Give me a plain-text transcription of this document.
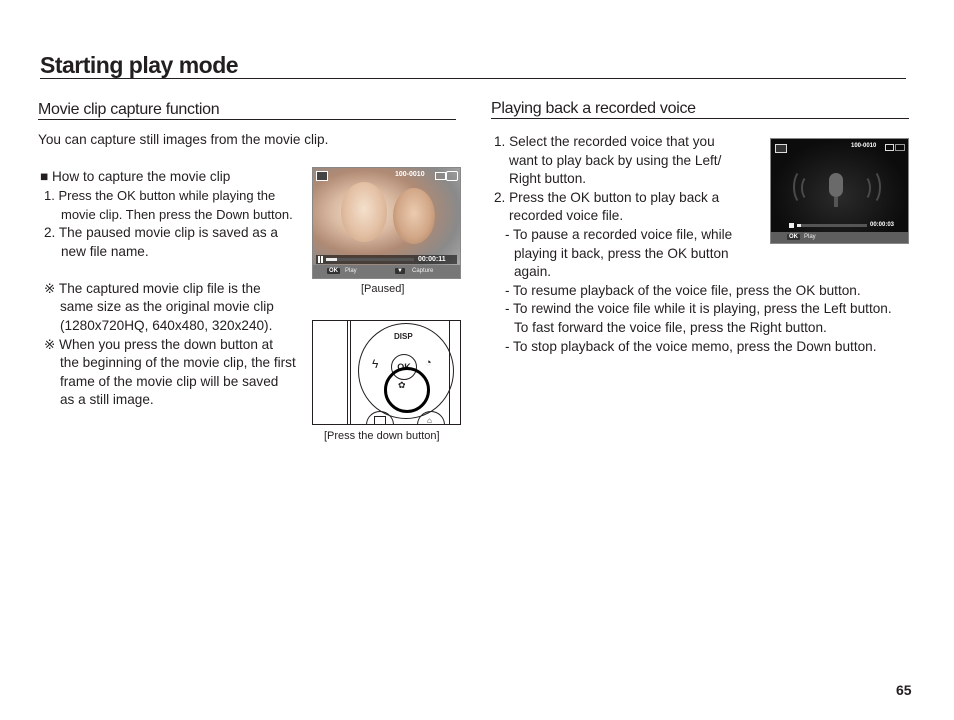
Starting play mode
Movie clip capture function
You can capture still images from the movie clip.
■ How to capture the movie clip
1. Press the OK button while playing the
movie clip. Then press the Down button.
2. The paused movie clip is saved as a
new file name.
※ The captured movie clip file is the
same size as the original movie clip
(1280x720HQ, 640x480, 320x240).
※ When you press the down button at
the beginning of the movie clip, the first
frame of the movie clip will be saved
as a still image.
100-0010
00:00:11
OK	Play	▼	Capture
[Paused]
DISP
ϟ	◔
OK
✿
⌂
[Press the down button]
Playing back a recorded voice
1. Select the recorded voice that you
want to play back by using the Left/
Right button.
2. Press the OK button to play back a
recorded voice file.
- To pause a recorded voice file, while
playing it back, press the OK button
again.
- To resume playback of the voice file, press the OK button.
- To rewind the voice file while it is playing, press the Left button.
To fast forward the voice file, press the Right button.
- To stop playback of the voice memo, press the Down button.
100-0010
00:00:03
OK	Play
65
